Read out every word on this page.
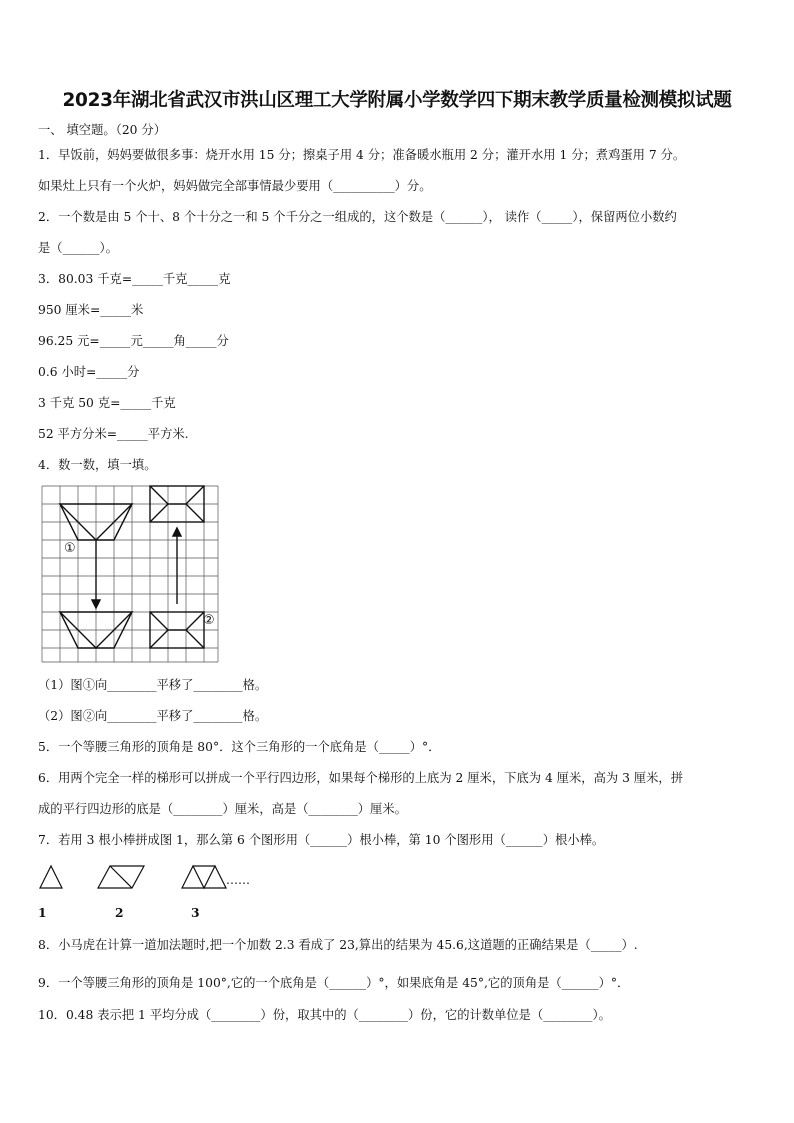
2023年湖北省武汉市洪山区理工大学附属小学数学四下期末教学质量检测模拟试题
一、 填空题。（20 分）
1．早饭前，妈妈要做很多事：烧开水用 15 分；擦桌子用 4 分；准备暖水瓶用 2 分；灌开水用 1 分；煮鸡蛋用 7 分。
如果灶上只有一个火炉，妈妈做完全部事情最少要用（__________）分。
2．一个数是由 5 个十、8 个十分之一和 5 个千分之一组成的，这个数是（______）， 读作（_____），保留两位小数约
是（______）。
3．80.03 千克=_____千克_____克
950 厘米=_____米
96.25 元=_____元_____角_____分
0.6 小时=_____分
3 千克 50 克=_____千克
52 平方分米=_____平方米.
4．数一数，填一填。
①
②
（1）图①向________平移了________格。
（2）图②向________平移了________格。
5．一个等腰三角形的顶角是 80°．这个三角形的一个底角是（_____）°．
6．用两个完全一样的梯形可以拼成一个平行四边形，如果每个梯形的上底为 2 厘米，下底为 4 厘米，高为 3 厘米，拼
成的平行四边形的底是（________）厘米，高是（________）厘米。
7．若用 3 根小棒拼成图 1，那么第 6 个图形用（______）根小棒，第 10 个图形用（______）根小棒。
……
1	2	3
8．小马虎在计算一道加法题时,把一个加数 2.3 看成了 23,算出的结果为 45.6,这道题的正确结果是（_____）.
9．一个等腰三角形的顶角是 100°,它的一个底角是（______）°，如果底角是 45°,它的顶角是（______）°．
10．0.48 表示把 1 平均分成（________）份，取其中的（________）份，它的计数单位是（________）。
